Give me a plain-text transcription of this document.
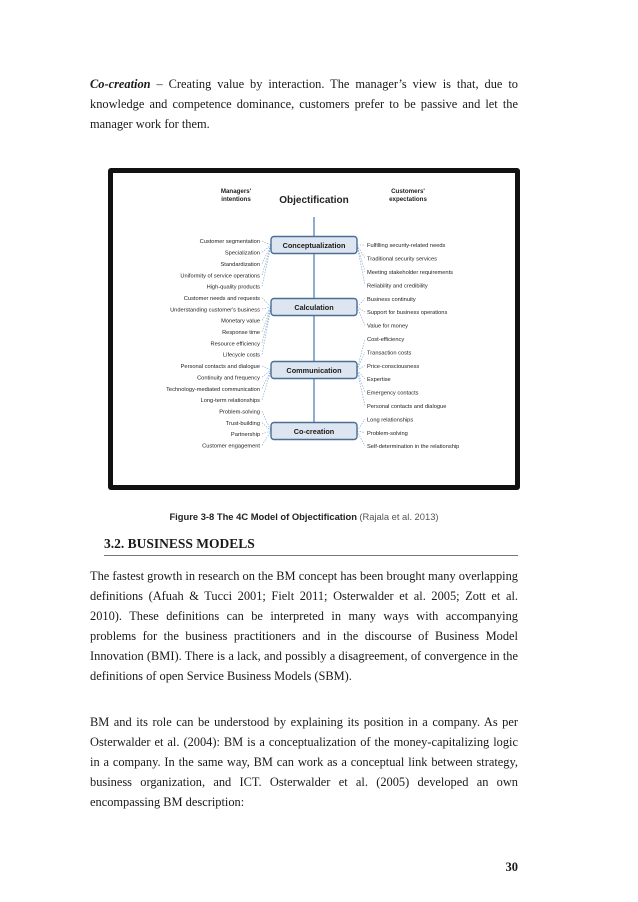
Co-creation – Creating value by interaction. The manager’s view is that, due to knowledge and competence dominance, customers prefer to be passive and let the manager work for them.

Objectification
Managers'
intentions
Customers'
expectations
Conceptualization
Calculation
Communication
Co-creation
Customer segmentation
Specialization
Standardization
Uniformity of service operations
High-quality products
Customer needs and requests
Understanding customer's business
Monetary value
Response time
Resource efficiency
Lifecycle costs
Personal contacts and dialogue
Continuity and frequency
Technology-mediated communication
Long-term relationships
Problem-solving
Trust-building
Partnership
Customer engagement
Fulfilling security-related needs
Traditional security services
Meeting stakeholder requirements
Reliability and credibility
Business continuity
Support for business operations
Value for money
Cost-efficiency
Transaction costs
Price-consciousness
Expertise
Emergency contacts
Personal contacts and dialogue
Long relationships
Problem-solving
Self-determination in the relationship
Figure 3-8 The 4C Model of Objectification (Rajala et al. 2013)
3.2. BUSINESS MODELS

The fastest growth in research on the BM concept has been brought many overlapping definitions (Afuah & Tucci 2001; Fielt 2011; Osterwalder et al. 2005; Zott et al. 2010). These definitions can be interpreted in many ways with accompanying problems for the business practitioners and in the discourse of Business Model Innovation (BMI). There is a lack, and possibly a disagreement, of convergence in the definitions of open Service Business Models (SBM).

BM and its role can be understood by explaining its position in a company. As per Osterwalder et al. (2004): BM is a conceptualization of the money-capitalizing logic in a company. In the same way, BM can work as a conceptual link between strategy, business organization, and ICT. Osterwalder et al. (2005) developed an own encompassing BM description:

30
